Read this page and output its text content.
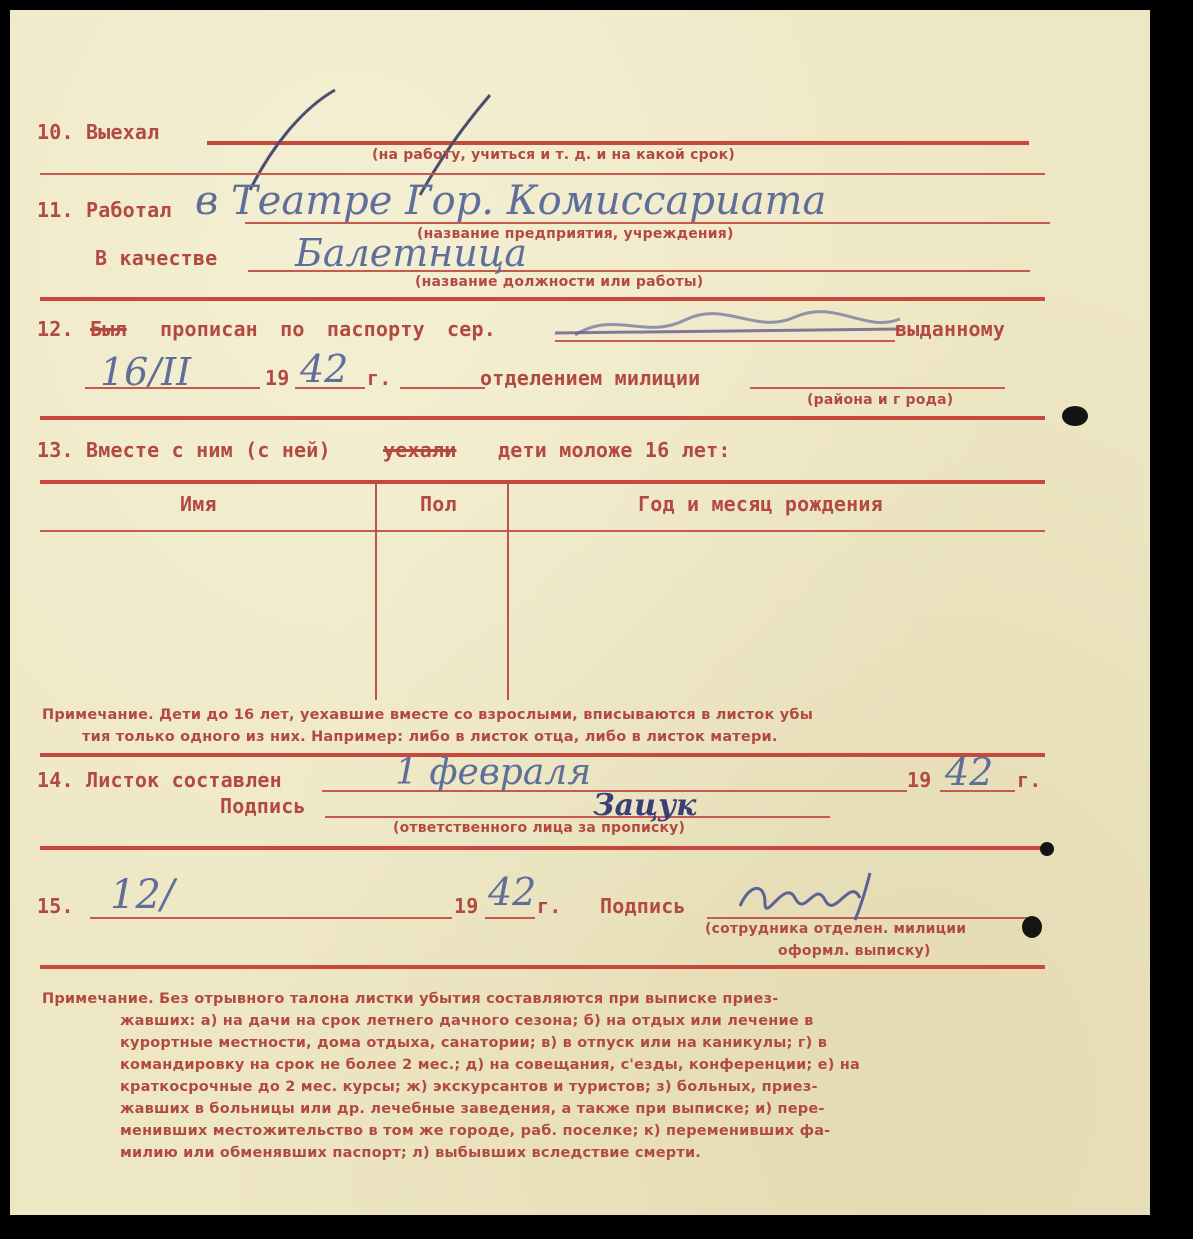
10. Выехал
(на работу, учиться и т. д. и на какой срок)
11. Работал в Театре Гор. Комиссариата
(название предприятия, учреждения)
В качестве Балетница
(название должности или работы)
12. Был прописан по паспорту сер.	выданному
16/II	19 42 г.	отделением милиции
(района и г рода)
13. Вместе с ним (с ней)	уехали дети моложе 16 лет:
Имя	Пол	Год и месяц рождения
Примечание. Дети до 16 лет, уехавшие вместе со взрослыми, вписываются в листок убы
тия только одного из них. Например: либо в листок отца, либо в листок матери.
14. Листок составлен	1 февраля	19 42 г.
Подпись	Зацук
(ответственного лица за прописку)
15. 12/	19 42 г. Подпись
(сотрудника отделен. милиции
оформл. выписку)
Примечание. Без отрывного талона листки убытия составляются при выписке приез-
жавших: а) на дачи на срок летнего дачного сезона; б) на отдых или лечение в
курортные местности, дома отдыха, санатории; в) в отпуск или на каникулы; г) в
командировку на срок не более 2 мес.; д) на совещания, с'езды, конференции; е) на
краткосрочные до 2 мес. курсы; ж) экскурсантов и туристов; з) больных, приез-
жавших в больницы или др. лечебные заведения, а также при выписке; и) пере-
менивших местожительство в том же городе, раб. поселке; к) переменивших фа-
милию или обменявших паспорт; л) выбывших вследствие смерти.
